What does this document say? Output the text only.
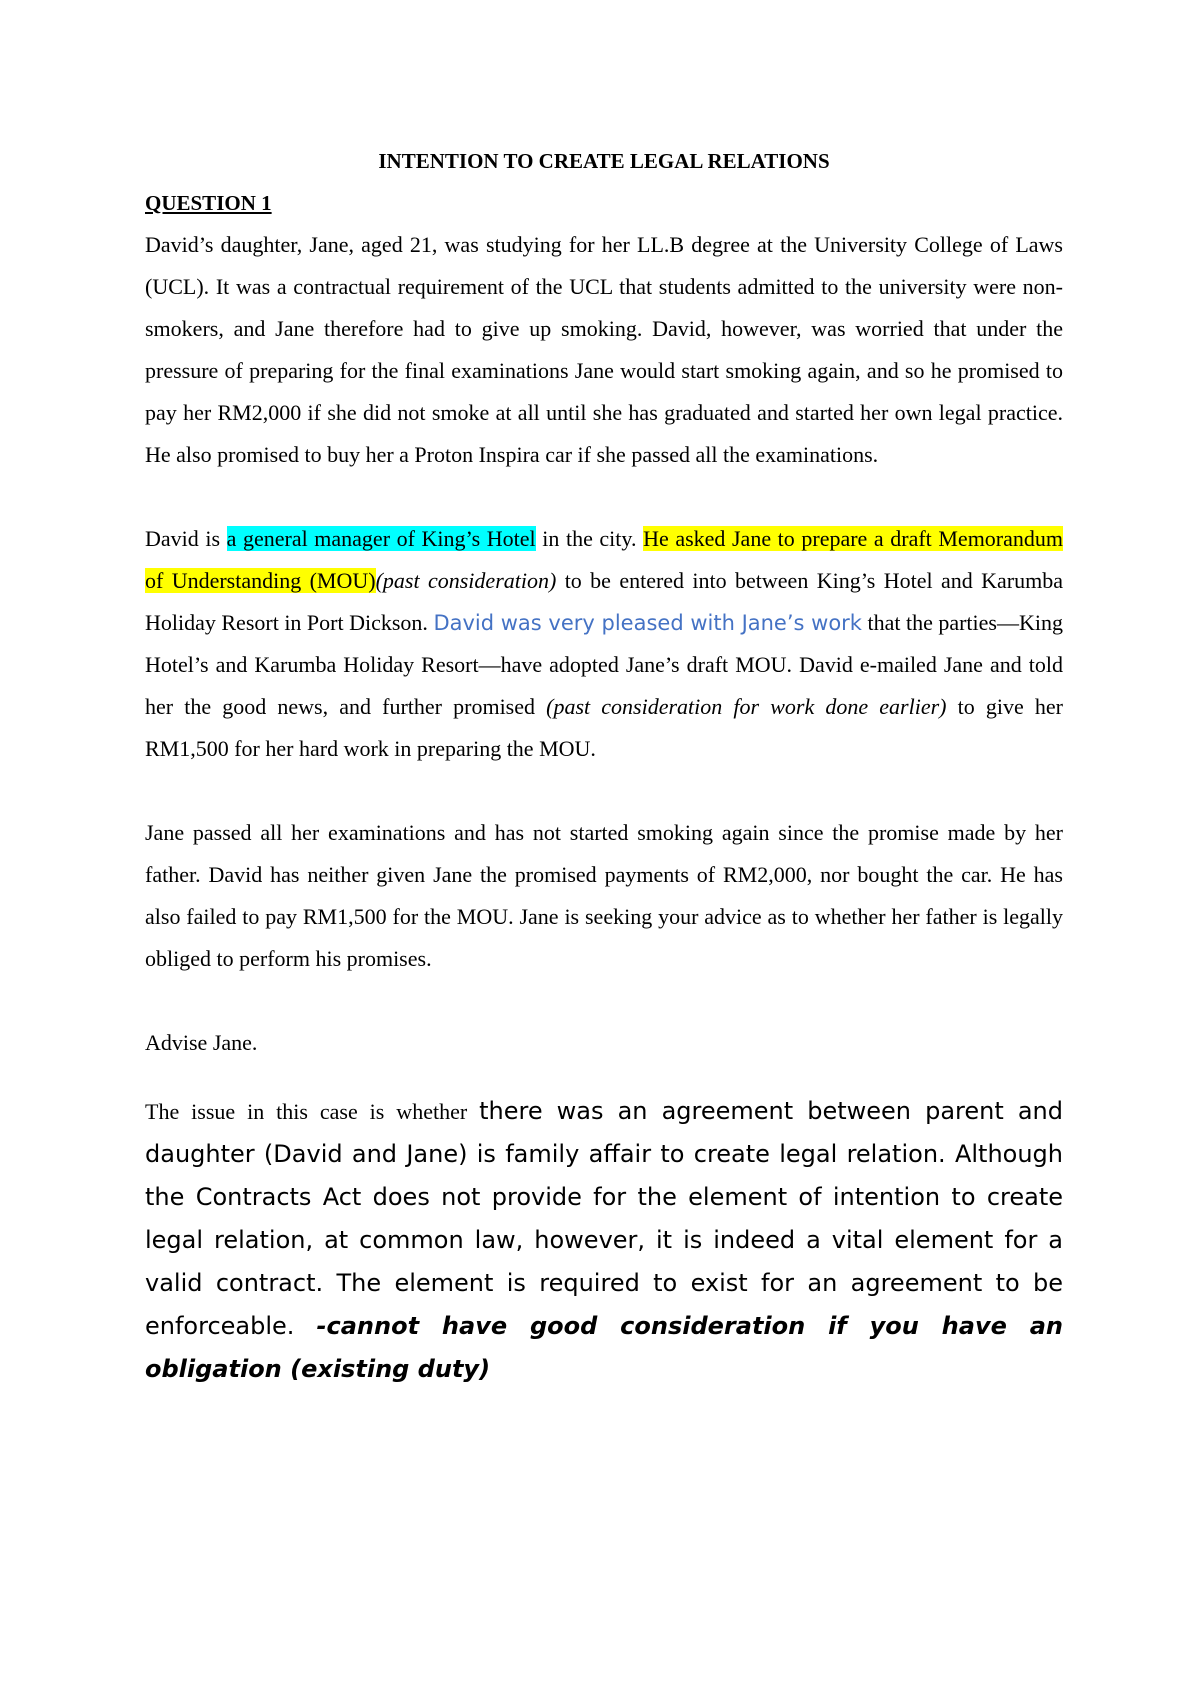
INTENTION TO CREATE LEGAL RELATIONS
QUESTION 1

David’s daughter, Jane, aged 21, was studying for her LL.B degree at the University College of Laws (UCL). It was a contractual requirement of the UCL that students admitted to the university were non-smokers, and Jane therefore had to give up smoking. David, however, was worried that under the pressure of preparing for the final examinations Jane would start smoking again, and so he promised to pay her RM2,000 if she did not smoke at all until she has graduated and started her own legal practice. He also promised to buy her a Proton Inspira car if she passed all the examinations.

David is a general manager of King’s Hotel in the city. He asked Jane to prepare a draft Memorandum of Understanding (MOU)(past consideration) to be entered into between King’s Hotel and Karumba Holiday Resort in Port Dickson. David was very pleased with Jane’s work that the parties—King Hotel’s and Karumba Holiday Resort—have adopted Jane’s draft MOU. David e-mailed Jane and told her the good news, and further promised (past consideration for work done earlier) to give her RM1,500 for her hard work in preparing the MOU.

Jane passed all her examinations and has not started smoking again since the promise made by her father. David has neither given Jane the promised payments of RM2,000, nor bought the car. He has also failed to pay RM1,500 for the MOU. Jane is seeking your advice as to whether her father is legally obliged to perform his promises.

Advise Jane.

The issue in this case is whether there was an agreement between parent and daughter (David and Jane) is family affair to create legal relation. Although the Contracts Act does not provide for the element of intention to create legal relation, at common law, however, it is indeed a vital element for a valid contract. The element is required to exist for an agreement to be enforceable. -cannot have good consideration if you have an obligation (existing duty)
